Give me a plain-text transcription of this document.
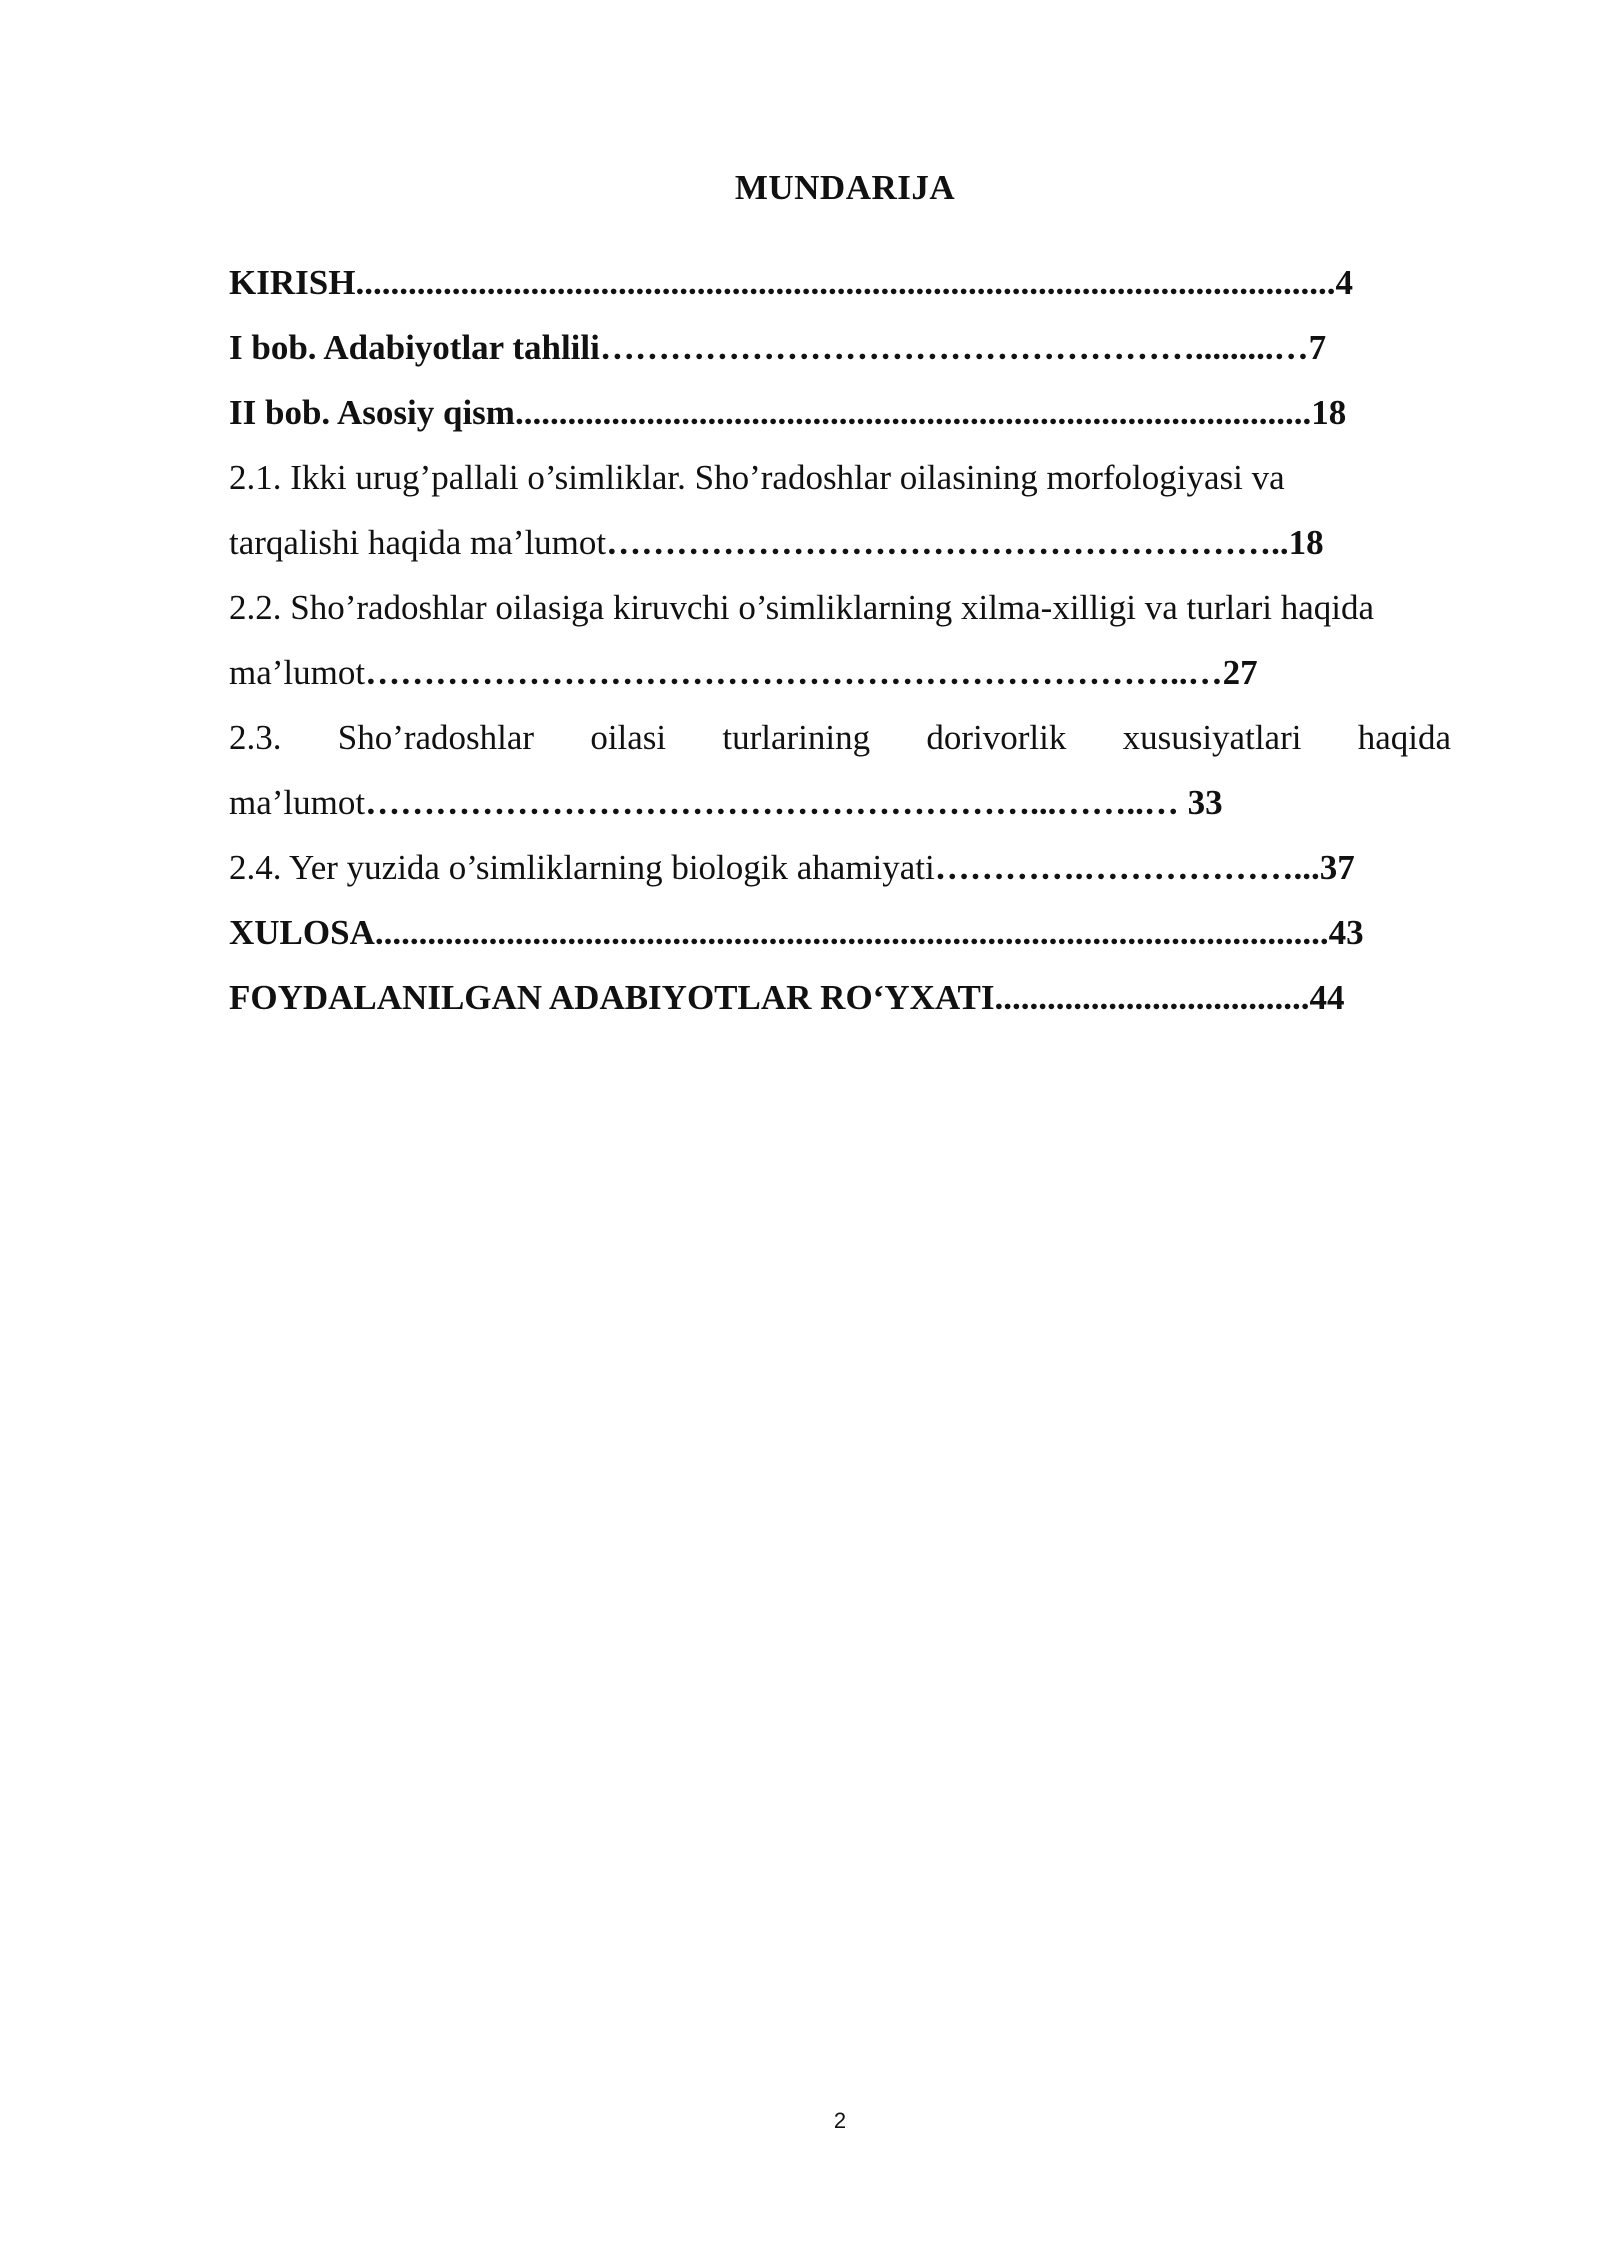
MUNDARIJA
KIRISH................................................................................................................4
I bob. Adabiyotlar tahlili…………………………………………….........…7
II bob. Asosiy qism...........................................................................................18
2.1. Ikki urug’pallali o’simliklar. Sho’radoshlar oilasining morfologiyasi va
tarqalishi haqida ma’lumot…………………………………………………..18
2.2. Sho’radoshlar oilasiga kiruvchi o’simliklarning xilma-xilligi va turlari haqida
ma’lumot……………………………………………………………..…27
2.3. Sho’radoshlar oilasi turlarining dorivorlik xususiyatlari haqida
ma’lumot…………………………………………………...……..… 33
2.4. Yer yuzida o’simliklarning biologik ahamiyati………….………………...37
XULOSA.............................................................................................................43
FOYDALANILGAN ADABIYOTLAR RO‘YXATI....................................44
2
